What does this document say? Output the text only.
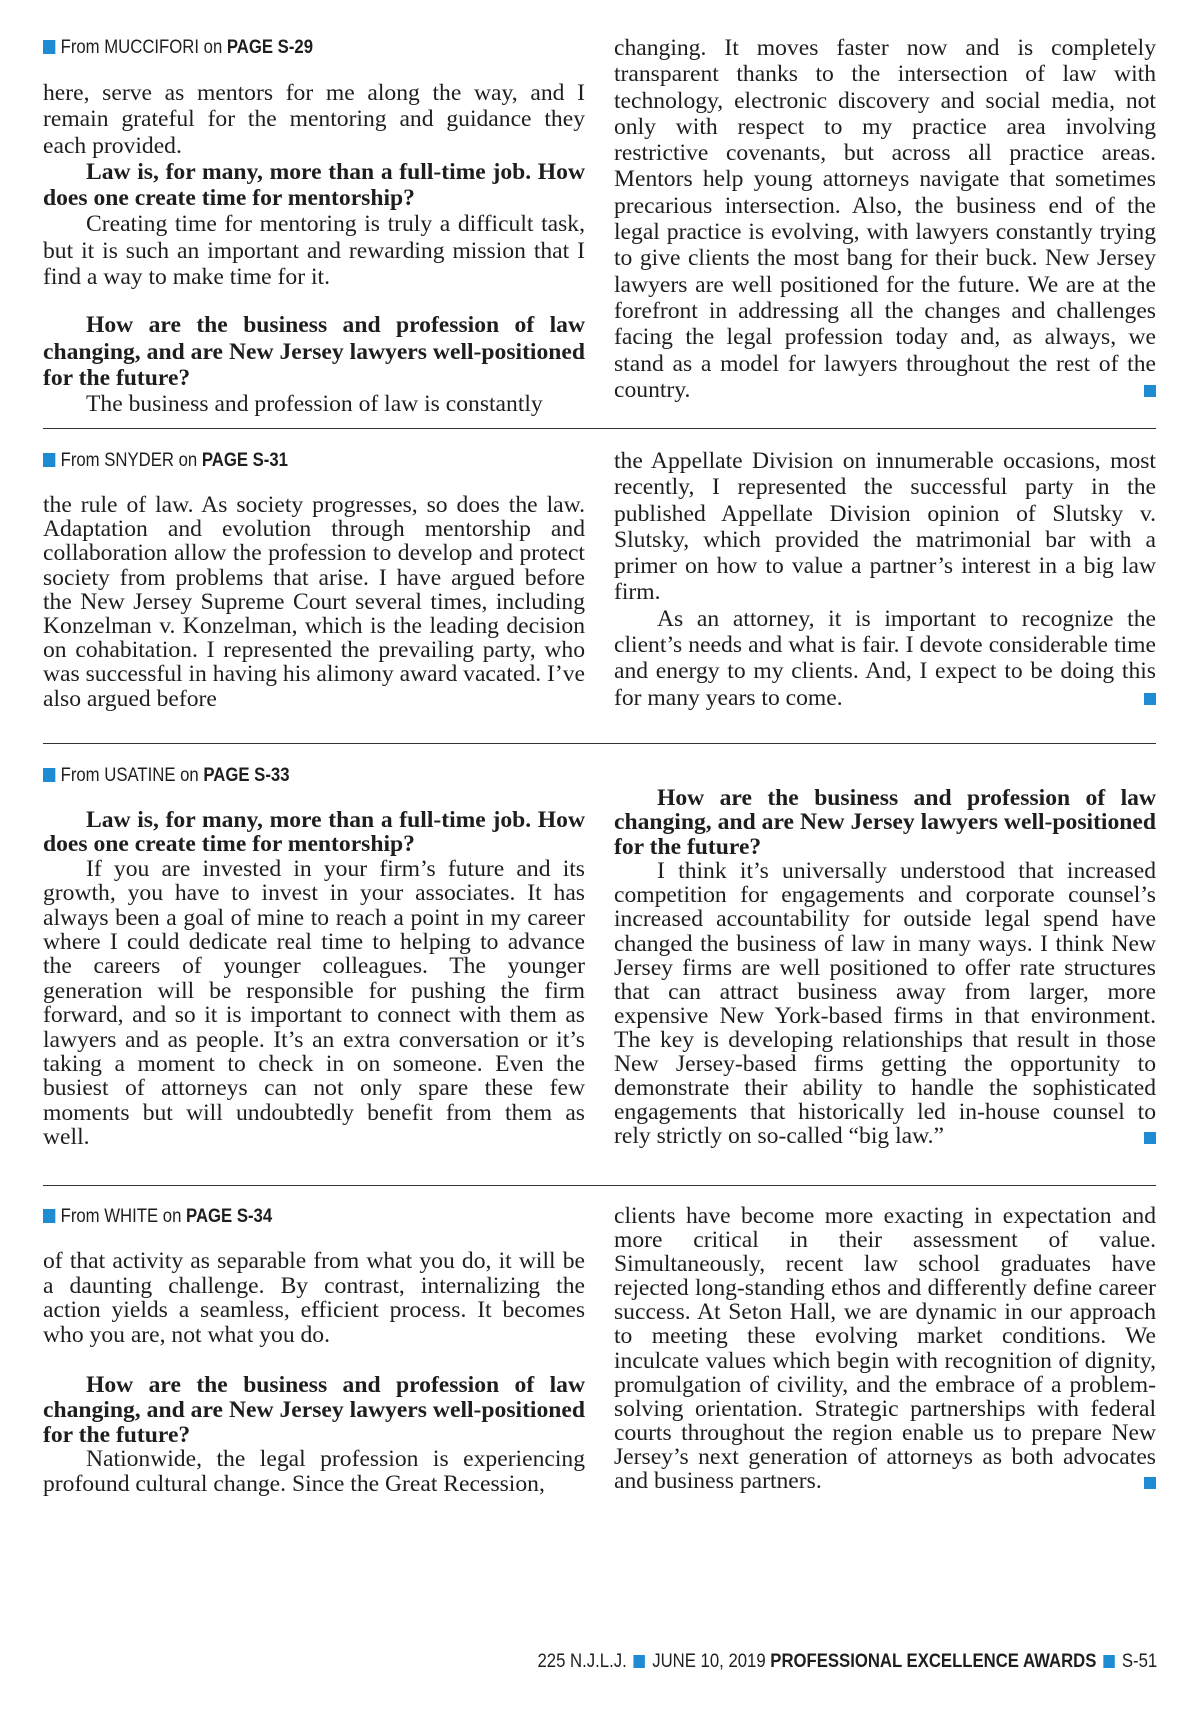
From MUCCIFORI on PAGE S-29

here, serve as mentors for me along the way, and I remain grateful for the mentoring and guidance they each provided.

Law is, for many, more than a full-time job. How does one create time for mentorship?

Creating time for mentoring is truly a difficult task, but it is such an important and rewarding mission that I find a way to make time for it.

How are the business and profession of law changing, and are New Jersey lawyers well-positioned for the future?

The business and profession of law is constantly

changing. It moves faster now and is completely transparent thanks to the intersection of law with technology, electronic discovery and social media, not only with respect to my practice area involving restrictive covenants, but across all practice areas. Mentors help young attorneys navigate that sometimes precarious intersection. Also, the business end of the legal practice is evolving, with lawyers constantly trying to give clients the most bang for their buck. New Jersey lawyers are well positioned for the future. We are at the forefront in addressing all the changes and challenges facing the legal profession today and, as always, we stand as a model for lawyers throughout the rest of the country.

From SNYDER on PAGE S-31

the rule of law. As society progresses, so does the law. Adaptation and evolution through mentorship and collaboration allow the profession to develop and protect society from problems that arise. I have argued before the New Jersey Supreme Court several times, including Konzelman v. Konzelman, which is the leading decision on cohabitation. I represented the prevailing party, who was successful in having his alimony award vacated. I’ve also argued before

the Appellate Division on innumerable occasions, most recently, I represented the successful party in the published Appellate Division opinion of Slutsky v. Slutsky, which provided the matrimonial bar with a primer on how to value a partner’s interest in a big law firm.

As an attorney, it is important to recognize the client’s needs and what is fair. I devote considerable time and energy to my clients. And, I expect to be doing this for many years to come.

From USATINE on PAGE S-33

Law is, for many, more than a full-time job. How does one create time for mentorship?

If you are invested in your firm’s future and its growth, you have to invest in your associates. It has always been a goal of mine to reach a point in my career where I could dedicate real time to helping to advance the careers of younger colleagues. The younger generation will be responsible for pushing the firm forward, and so it is important to connect with them as lawyers and as people. It’s an extra conversation or it’s taking a moment to check in on someone. Even the busiest of attorneys can not only spare these few moments but will undoubtedly benefit from them as well.

How are the business and profession of law changing, and are New Jersey lawyers well-positioned for the future?

I think it’s universally understood that increased competition for engagements and corporate counsel’s increased accountability for outside legal spend have changed the business of law in many ways. I think New Jersey firms are well positioned to offer rate structures that can attract business away from larger, more expensive New York-based firms in that environment. The key is developing relationships that result in those New Jersey-based firms getting the opportunity to demonstrate their ability to handle the sophisticated engagements that historically led in-house counsel to rely strictly on so-called “big law.”

From WHITE on PAGE S-34

of that activity as separable from what you do, it will be a daunting challenge. By contrast, internalizing the action yields a seamless, efficient process. It becomes who you are, not what you do.

How are the business and profession of law changing, and are New Jersey lawyers well-positioned for the future?

Nationwide, the legal profession is experiencing profound cultural change. Since the Great Recession,

clients have become more exacting in expectation and more critical in their assessment of value. Simultaneously, recent law school graduates have rejected long-standing ethos and differently define career success. At Seton Hall, we are dynamic in our approach to meeting these evolving market conditions. We inculcate values which begin with recognition of dignity, promulgation of civility, and the embrace of a problem-solving orientation. Strategic partnerships with federal courts throughout the region enable us to prepare New Jersey’s next generation of attorneys as both advocates and business partners.

225 N.J.L.J. JUNE 10, 2019 PROFESSIONAL EXCELLENCE AWARDS S-51
